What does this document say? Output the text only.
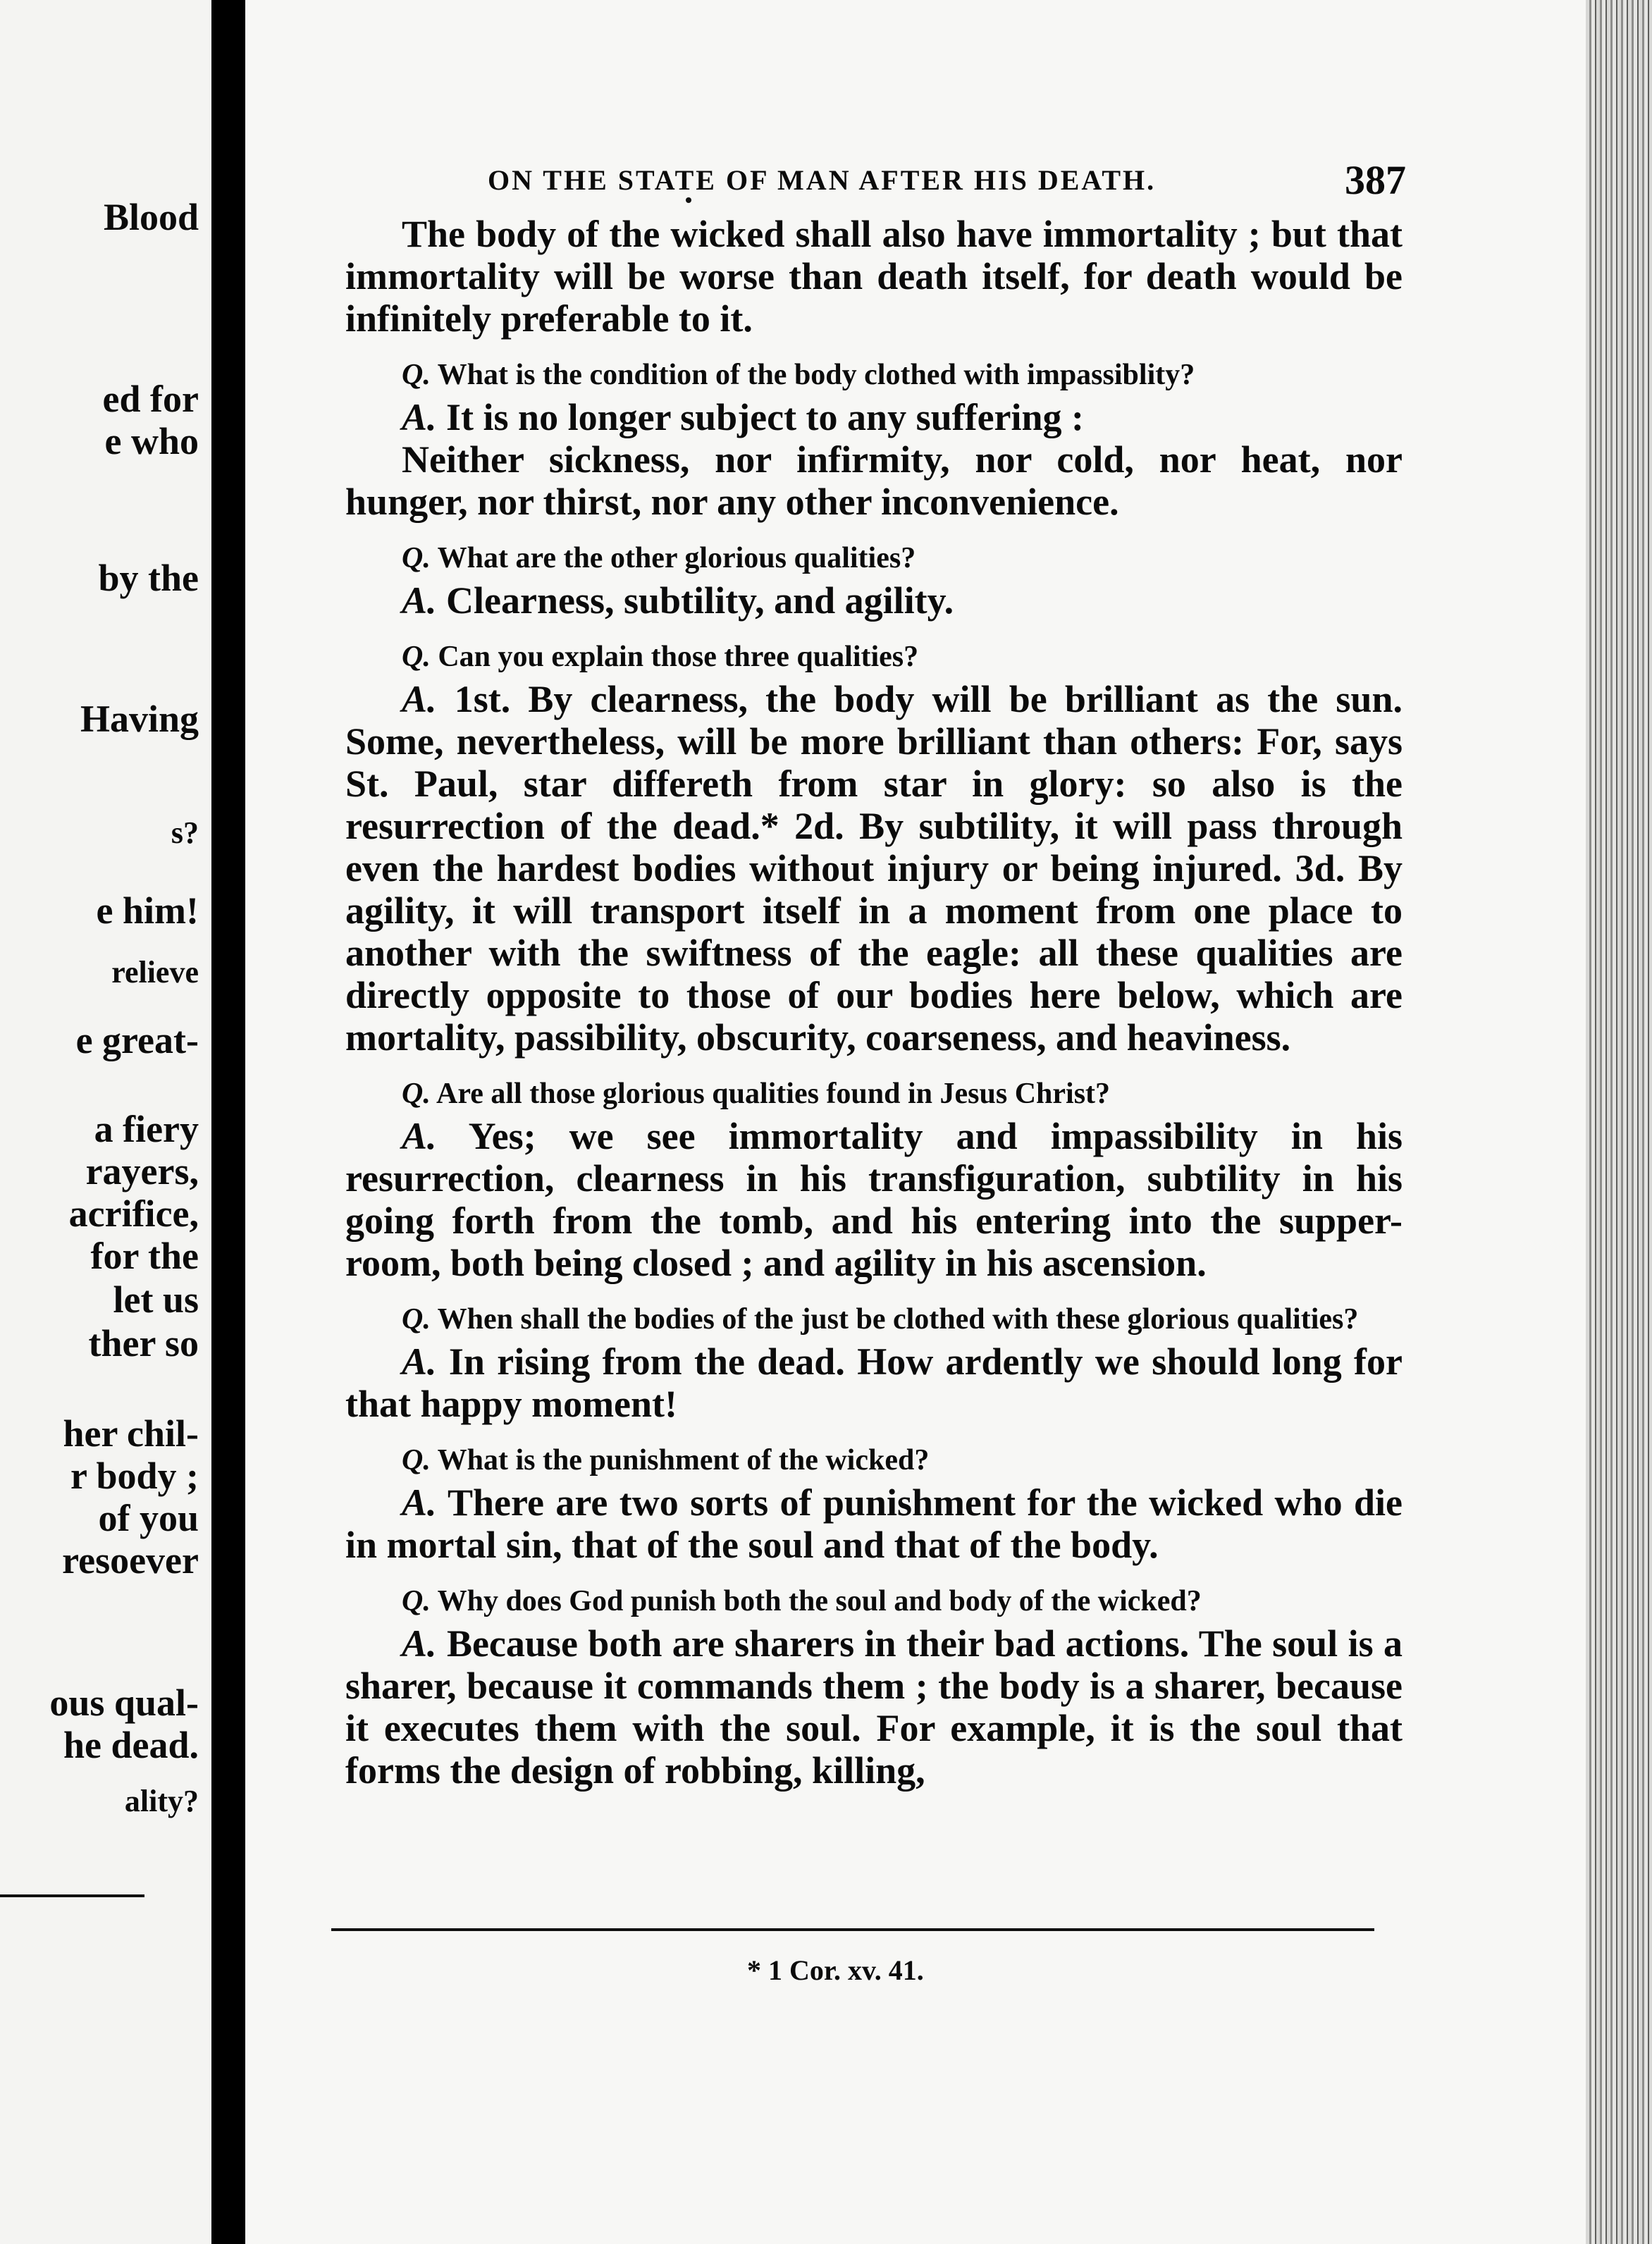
Blood
ed for
e who
by the
Having
s?
e him!
relieve
e great-
a fiery
rayers,
acrifice,
for the
let us
ther so
her chil-
r body ;
of you
resoever
ous qual-
he dead.
ality?
ON THE STATE OF MAN AFTER HIS DEATH.	387

The body of the wicked shall also have immortality ; but that immortality will be worse than death itself, for death would be infinitely preferable to it.

Q. What is the condition of the body clothed with impassiblity?

A. It is no longer subject to any suffering :

Neither sickness, nor infirmity, nor cold, nor heat, nor hunger, nor thirst, nor any other inconvenience.

Q. What are the other glorious qualities?

A. Clearness, subtility, and agility.

Q. Can you explain those three qualities?

A. 1st. By clearness, the body will be brilliant as the sun. Some, nevertheless, will be more brilliant than others: For, says St. Paul, star differeth from star in glory: so also is the resurrection of the dead.* 2d. By subtility, it will pass through even the hardest bodies without injury or being injured. 3d. By agility, it will transport itself in a moment from one place to another with the swiftness of the eagle: all these qualities are directly opposite to those of our bodies here below, which are mortality, passibility, obscurity, coarseness, and heaviness.

Q. Are all those glorious qualities found in Jesus Christ?

A. Yes; we see immortality and impassibility in his resurrection, clearness in his transfiguration, subtility in his going forth from the tomb, and his entering into the supper-room, both being closed ; and agility in his ascension.

Q. When shall the bodies of the just be clothed with these glorious qualities?

A. In rising from the dead. How ardently we should long for that happy moment!

Q. What is the punishment of the wicked?

A. There are two sorts of punishment for the wicked who die in mortal sin, that of the soul and that of the body.

Q. Why does God punish both the soul and body of the wicked?

A. Because both are sharers in their bad actions. The soul is a sharer, because it commands them ; the body is a sharer, because it executes them with the soul. For example, it is the soul that forms the design of robbing, killing,

* 1 Cor. xv. 41.
